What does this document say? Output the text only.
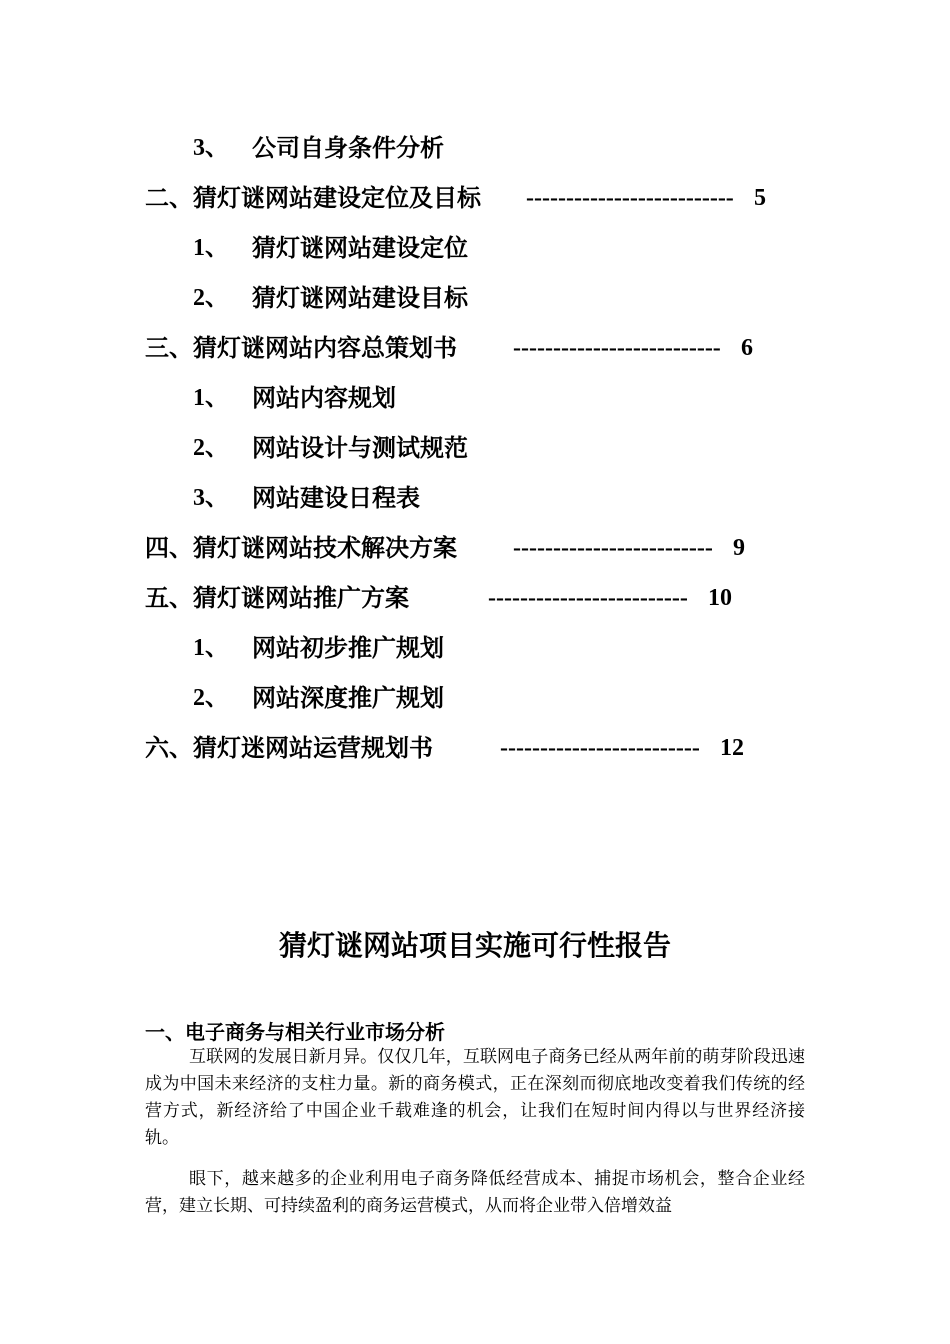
3、 公司自身条件分析
二、猜灯谜网站建设定位及目标 -------------------------- 5
1、 猜灯谜网站建设定位
2、 猜灯谜网站建设目标
三、猜灯谜网站内容总策划书 -------------------------- 6
1、 网站内容规划
2、 网站设计与测试规范
3、 网站建设日程表
四、猜灯谜网站技术解决方案 ------------------------- 9
五、猜灯谜网站推广方案	------------------------- 10
1、 网站初步推广规划
2、 网站深度推广规划
六、猜灯迷网站运营规划书	------------------------- 12
猜灯谜网站项目实施可行性报告
一、电子商务与相关行业市场分析

互联网的发展日新月异。仅仅几年，互联网电子商务已经从两年前的萌芽阶段迅速成为中国未来经济的支柱力量。新的商务模式，正在深刻而彻底地改变着我们传统的经营方式，新经济给了中国企业千载难逢的机会，让我们在短时间内得以与世界经济接轨。

眼下，越来越多的企业利用电子商务降低经营成本、捕捉市场机会，整合企业经营，建立长期、可持续盈利的商务运营模式，从而将企业带入倍增效益
